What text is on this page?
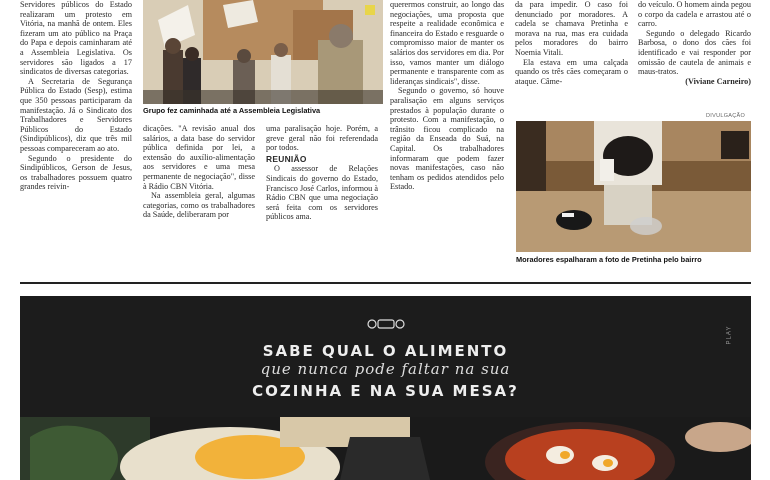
Servidores públicos do Estado realizaram um protesto em Vitória, na manhã de ontem. Eles fizeram um ato público na Praça do Papa e depois caminharam até a Assembleia Legislativa. Os servidores são ligados a 17 sindicatos de diversas categorias.

A Secretaria de Segurança Pública do Estado (Sesp), estima que 350 pessoas participaram da manifestação. Já o Sindicato dos Trabalhadores e Servidores Públicos do Estado (Sindipúblicos), diz que três mil pessoas compareceram ao ato.

Segundo o presidente do Sindipúblicos, Gerson de Jesus, os trabalhadores possuem quatro grandes reivin-

Grupo fez caminhada até a Assembleia Legislativa

dicações. "A revisão anual dos salários, a data base do servidor pública definida por lei, a extensão do auxílio-alimentação aos servidores e uma mesa permanente de negociação", disse à Rádio CBN Vitória.

Na assembleia geral, algumas categorias, como os trabalhadores da Saúde, deliberaram por

uma paralisação hoje. Porém, a greve geral não foi referendada por todos.

REUNIÃO

O assessor de Relações Sindicais do governo do Estado, Francisco José Carlos, informou à Rádio CBN que uma negociação será feita com os servidores públicos ama.

querermos construir, ao longo das negociações, uma proposta que respeite a realidade econômica e financeira do Estado e resguarde o compromisso maior de manter os salários dos servidores em dia. Por isso, vamos manter um diálogo permanente e transparente com as lideranças sindicais", disse.

Segundo o governo, só houve paralisação em alguns serviços prestados à população durante o protesto. Com a manifestação, o trânsito ficou complicado na região da Enseada do Suá, na Capital. Os trabalhadores informaram que podem fazer novas manifestações, caso não tenham os pedidos atendidos pelo Estado.

da para impedir. O caso foi denunciado por moradores. A cadela se chamava Pretinha e morava na rua, mas era cuidada pelos moradores do bairro Noemia Vitali.

Ela estava em uma calçada quando os três cães começaram o ataque. Câme-

do veículo. O homem ainda pegou o corpo da cadela e arrastou até o carro.

Segundo o delegado Ricardo Barbosa, o dono dos cães foi identificado e vai responder por omissão de cautela de animais e maus-tratos.

(Viviane Carneiro)

DIVULGAÇÃO
Moradores espalharam a foto de Pretinha pelo bairro
PLAY
SABE QUAL O ALIMENTO
que nunca pode faltar na sua
COZINHA E NA SUA MESA?
